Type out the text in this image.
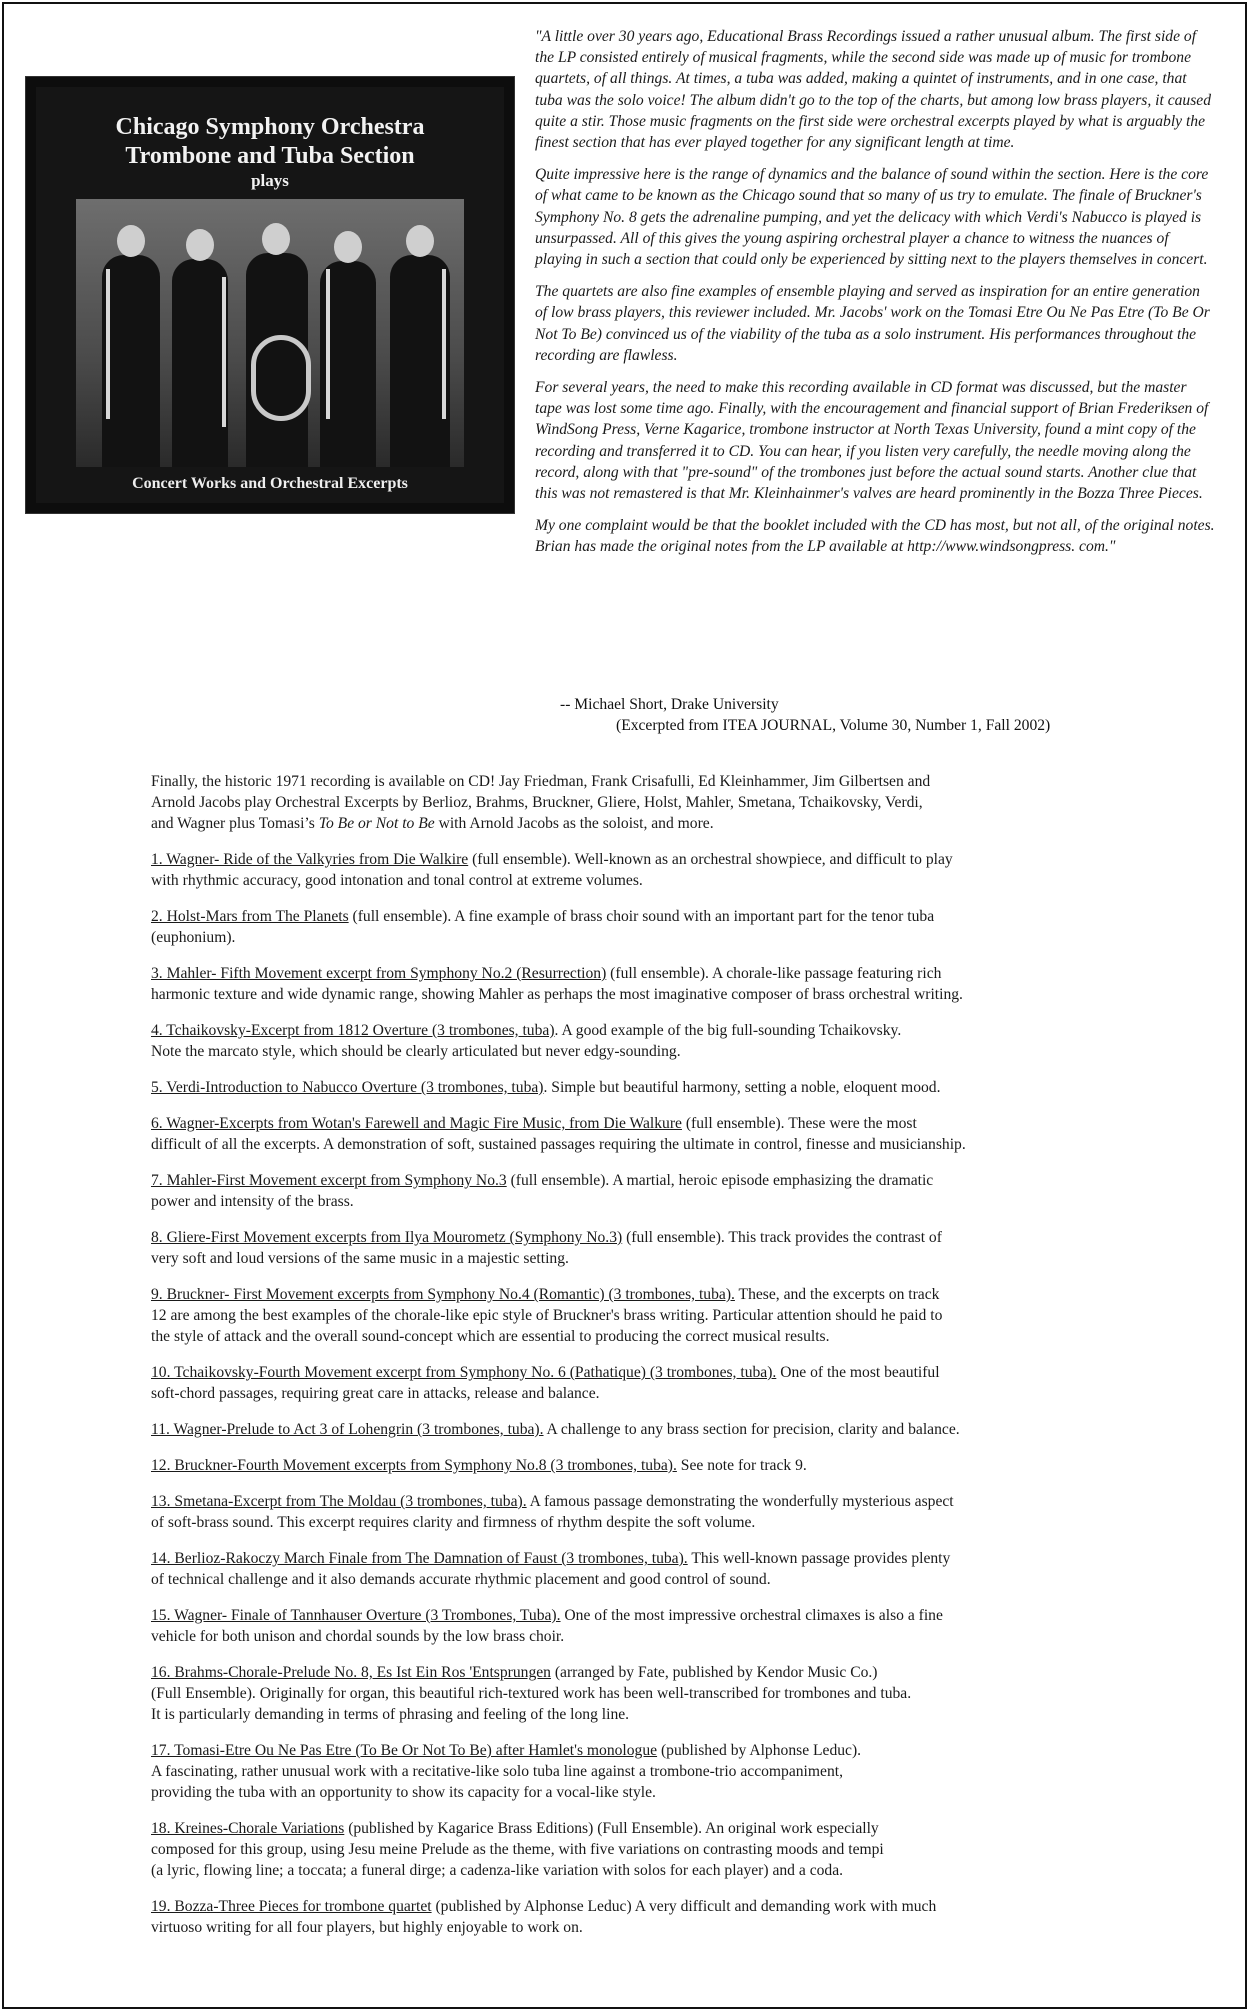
Chicago Symphony Orchestra
Trombone and Tuba Section
plays
Concert Works and Orchestral Excerpts

"A little over 30 years ago, Educational Brass Recordings issued a rather unusual album. The first side of the LP consisted entirely of musical fragments, while the second side was made up of music for trombone quartets, of all things. At times, a tuba was added, making a quintet of instruments, and in one case, that tuba was the solo voice! The album didn't go to the top of the charts, but among low brass players, it caused quite a stir. Those music fragments on the first side were orchestral excerpts played by what is arguably the finest section that has ever played together for any significant length at time.

Quite impressive here is the range of dynamics and the balance of sound within the section. Here is the core of what came to be known as the Chicago sound that so many of us try to emulate. The finale of Bruckner's Symphony No. 8 gets the adrenaline pumping, and yet the delicacy with which Verdi's Nabucco is played is unsurpassed. All of this gives the young aspiring orchestral player a chance to witness the nuances of playing in such a section that could only be experienced by sitting next to the players themselves in concert.

The quartets are also fine examples of ensemble playing and served as inspiration for an entire generation of low brass players, this reviewer included. Mr. Jacobs' work on the Tomasi Etre Ou Ne Pas Etre (To Be Or Not To Be) convinced us of the viability of the tuba as a solo instrument. His performances throughout the recording are flawless.

For several years, the need to make this recording available in CD format was discussed, but the master tape was lost some time ago. Finally, with the encouragement and financial support of Brian Frederiksen of WindSong Press, Verne Kagarice, trombone instructor at North Texas University, found a mint copy of the recording and transferred it to CD. You can hear, if you listen very carefully, the needle moving along the record, along with that "pre-sound" of the trombones just before the actual sound starts. Another clue that this was not remastered is that Mr. Kleinhainmer's valves are heard prominently in the Bozza Three Pieces.

My one complaint would be that the booklet included with the CD has most, but not all, of the original notes. Brian has made the original notes from the LP available at http://www.windsongpress. com."

-- Michael Short, Drake University
(Excerpted from ITEA JOURNAL, Volume 30, Number 1, Fall 2002)

Finally, the historic 1971 recording is available on CD! Jay Friedman, Frank Crisafulli, Ed Kleinhammer, Jim Gilbertsen and
Arnold Jacobs play Orchestral Excerpts by Berlioz, Brahms, Bruckner, Gliere, Holst, Mahler, Smetana, Tchaikovsky, Verdi,
and Wagner plus Tomasi’s To Be or Not to Be with Arnold Jacobs as the soloist, and more.

1. Wagner- Ride of the Valkyries from Die Walkire (full ensemble). Well-known as an orchestral showpiece, and difficult to play
with rhythmic accuracy, good intonation and tonal control at extreme volumes.

2. Holst-Mars from The Planets (full ensemble). A fine example of brass choir sound with an important part for the tenor tuba
(euphonium).

3. Mahler- Fifth Movement excerpt from Symphony No.2 (Resurrection) (full ensemble). A chorale-like passage featuring rich
harmonic texture and wide dynamic range, showing Mahler as perhaps the most imaginative composer of brass orchestral writing.

4. Tchaikovsky-Excerpt from 1812 Overture (3 trombones, tuba). A good example of the big full-sounding Tchaikovsky.
Note the marcato style, which should be clearly articulated but never edgy-sounding.

5. Verdi-Introduction to Nabucco Overture (3 trombones, tuba). Simple but beautiful harmony, setting a noble, eloquent mood.

6. Wagner-Excerpts from Wotan's Farewell and Magic Fire Music, from Die Walkure (full ensemble). These were the most
difficult of all the excerpts. A demonstration of soft, sustained passages requiring the ultimate in control, finesse and musicianship.

7. Mahler-First Movement excerpt from Symphony No.3 (full ensemble). A martial, heroic episode emphasizing the dramatic
power and intensity of the brass.

8. Gliere-First Movement excerpts from Ilya Mourometz (Symphony No.3) (full ensemble). This track provides the contrast of
very soft and loud versions of the same music in a majestic setting.

9. Bruckner- First Movement excerpts from Symphony No.4 (Romantic) (3 trombones, tuba). These, and the excerpts on track
12 are among the best examples of the chorale-like epic style of Bruckner's brass writing. Particular attention should he paid to
the style of attack and the overall sound-concept which are essential to producing the correct musical results.

10. Tchaikovsky-Fourth Movement excerpt from Symphony No. 6 (Pathatique) (3 trombones, tuba). One of the most beautiful
soft-chord passages, requiring great care in attacks, release and balance.

11. Wagner-Prelude to Act 3 of Lohengrin (3 trombones, tuba). A challenge to any brass section for precision, clarity and balance.

12. Bruckner-Fourth Movement excerpts from Symphony No.8 (3 trombones, tuba). See note for track 9.

13. Smetana-Excerpt from The Moldau (3 trombones, tuba). A famous passage demonstrating the wonderfully mysterious aspect
of soft-brass sound. This excerpt requires clarity and firmness of rhythm despite the soft volume.

14. Berlioz-Rakoczy March Finale from The Damnation of Faust (3 trombones, tuba). This well-known passage provides plenty
of technical challenge and it also demands accurate rhythmic placement and good control of sound.

15. Wagner- Finale of Tannhauser Overture (3 Trombones, Tuba). One of the most impressive orchestral climaxes is also a fine
vehicle for both unison and chordal sounds by the low brass choir.

16. Brahms-Chorale-Prelude No. 8, Es Ist Ein Ros 'Entsprungen (arranged by Fate, published by Kendor Music Co.)
(Full Ensemble). Originally for organ, this beautiful rich-textured work has been well-transcribed for trombones and tuba.
It is particularly demanding in terms of phrasing and feeling of the long line.

17. Tomasi-Etre Ou Ne Pas Etre (To Be Or Not To Be) after Hamlet's monologue (published by Alphonse Leduc).
A fascinating, rather unusual work with a recitative-like solo tuba line against a trombone-trio accompaniment,
providing the tuba with an opportunity to show its capacity for a vocal-like style.

18. Kreines-Chorale Variations (published by Kagarice Brass Editions) (Full Ensemble). An original work especially
composed for this group, using Jesu meine Prelude as the theme, with five variations on contrasting moods and tempi
(a lyric, flowing line; a toccata; a funeral dirge; a cadenza-like variation with solos for each player) and a coda.

19. Bozza-Three Pieces for trombone quartet (published by Alphonse Leduc) A very difficult and demanding work with much
virtuoso writing for all four players, but highly enjoyable to work on.
